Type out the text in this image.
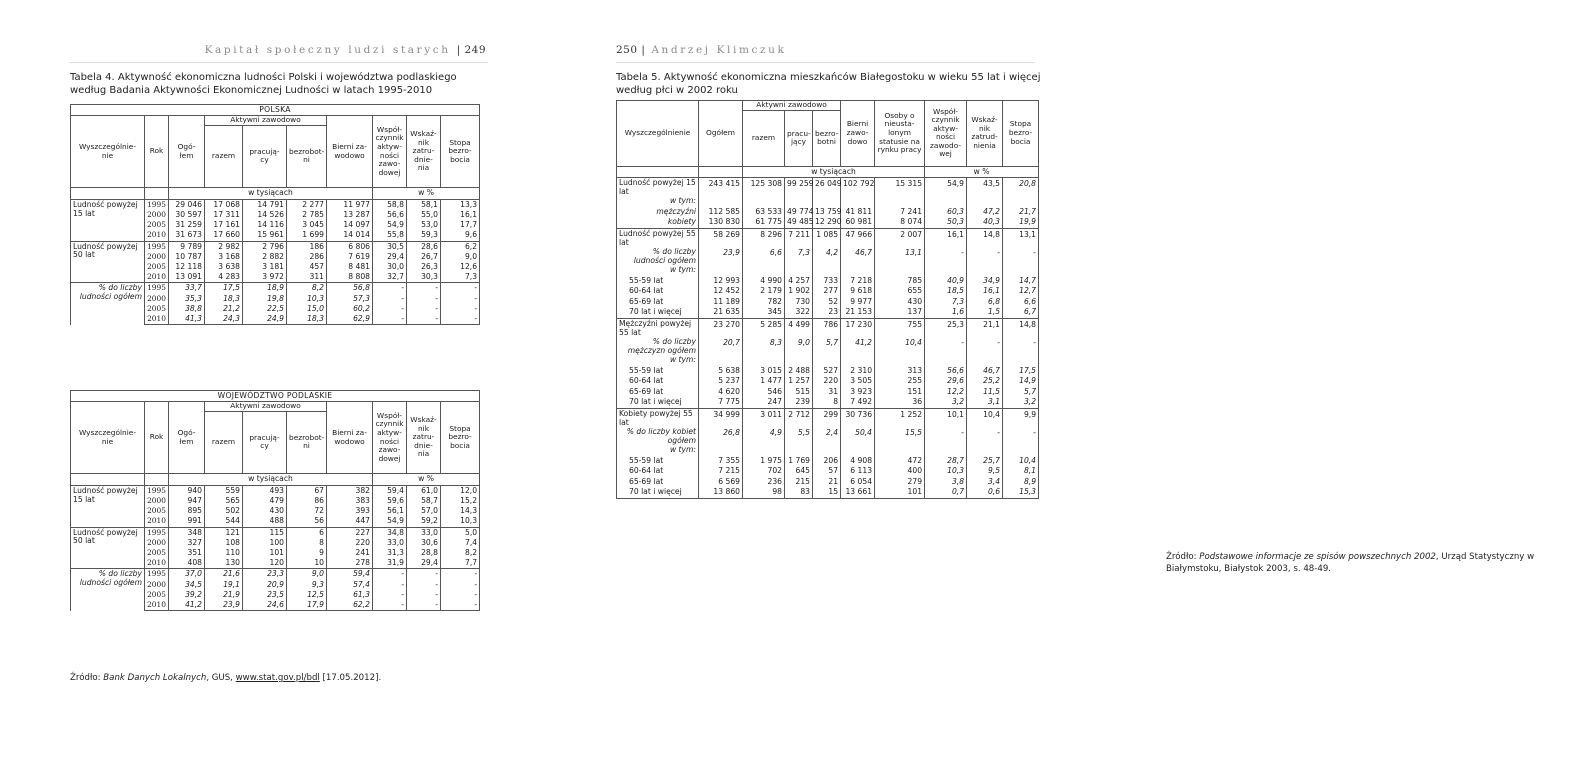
Kapitał społeczny ludzi starych | 249
Tabela 4. Aktywność ekonomiczna ludności Polski i województwa podlaskiego według Badania Aktywności Ekonomicznej Ludności w latach 1995-2010
POLSKA									
Wyszczególnie- nie	Rok	Ogó- łem	Aktywni zawodowo			Bierni za- wodowo	Współ- czynnik aktyw- ności zawo- dowej	Wskaź- nik zatru- dnie- nia	Stopa bezro- bocia
			razem	pracują- cy	bezrobot- ni				
		w tysiącach					w %		
Ludność powyżej 15 lat	1995	29 046	17 068	14 791	2 277	11 977	58,8	58,1	13,3
	2000	30 597	17 311	14 526	2 785	13 287	56,6	55,0	16,1
	2005	31 259	17 161	14 116	3 045	14 097	54,9	53,0	17,7
	2010	31 673	17 660	15 961	1 699	14 014	55,8	59,3	9,6
Ludność powyżej 50 lat	1995	9 789	2 982	2 796	186	6 806	30,5	28,6	6,2
	2000	10 787	3 168	2 882	286	7 619	29,4	26,7	9,0
	2005	12 118	3 638	3 181	457	8 481	30,0	26,3	12,6
	2010	13 091	4 283	3 972	311	8 808	32,7	30,3	7,3
% do liczby ludności ogółem	1995	33,7	17,5	18,9	8,2	56,8	-	-	-
	2000	35,3	18,3	19,8	10,3	57,3	-	-	-
	2005	38,8	21,2	22,5	15,0	60,2	-	-	-
	2010	41,3	24,3	24,9	18,3	62,9	-	-	-
WOJEWÓDZTWO PODLASKIE									
Wyszczególnie- nie	Rok	Ogó- łem	Aktywni zawodowo			Bierni za- wodowo	Współ- czynnik aktyw- ności zawo- dowej	Wskaź- nik zatru- dnie- nia	Stopa bezro- bocia
			razem	pracują- cy	bezrobot- ni				
		w tysiącach					w %		
Ludność powyżej 15 lat	1995	940	559	493	67	382	59,4	61,0	12,0
	2000	947	565	479	86	383	59,6	58,7	15,2
	2005	895	502	430	72	393	56,1	57,0	14,3
	2010	991	544	488	56	447	54,9	59,2	10,3
Ludność powyżej 50 lat	1995	348	121	115	6	227	34,8	33,0	5,0
	2000	327	108	100	8	220	33,0	30,6	7,4
	2005	351	110	101	9	241	31,3	28,8	8,2
	2010	408	130	120	10	278	31,9	29,4	7,7
% do liczby ludności ogółem	1995	37,0	21,6	23,3	9,0	59,4	-	-	-
	2000	34,5	19,1	20,9	9,3	57,4	-	-	-
	2005	39,2	21,9	23,5	12,5	61,3	-	-	-
	2010	41,2	23,9	24,6	17,9	62,2	-	-	-
Źródło: Bank Danych Lokalnych, GUS, www.stat.gov.pl/bdl [17.05.2012].
250 | Andrzej Klimczuk
Tabela 5. Aktywność ekonomiczna mieszkańców Białegostoku w wieku 55 lat i więcej według płci w 2002 roku
Źródło: Podstawowe informacje ze spisów powszechnych 2002, Urząd Statystyczny w Białymstoku, Białystok 2003, s. 48-49.
Wyszczególnienie	Ogółem	Aktywni zawodowo			Bierni zawo- dowo	Osoby o nieusta- lonym statusie na rynku pracy	Współ- czynnik aktyw- ności zawodo- wej	Wskaź- nik zatrud- nienia	Stopa bezro- bocia
		razem	pracu- jący	bezro- botni					
		w tysiącach					w %		
Ludność powyżej 15 lat	243 415	125 308	99 259	26 049	102 792	15 315	54,9	43,5	20,8
w tym:									
mężczyźni	112 585	63 533	49 774	13 759	41 811	7 241	60,3	47,2	21,7
kobiety	130 830	61 775	49 485	12 290	60 981	8 074	50,3	40,3	19,9
Ludność powyżej 55 lat	58 269	8 296	7 211	1 085	47 966	2 007	16,1	14,8	13,1
% do liczby ludności ogółem	23,9	6,6	7,3	4,2	46,7	13,1	-	-	-
w tym:									
55-59 lat	12 993	4 990	4 257	733	7 218	785	40,9	34,9	14,7
60-64 lat	12 452	2 179	1 902	277	9 618	655	18,5	16,1	12,7
65-69 lat	11 189	782	730	52	9 977	430	7,3	6,8	6,6
70 lat i więcej	21 635	345	322	23	21 153	137	1,6	1,5	6,7
Mężczyźni powyżej 55 lat	23 270	5 285	4 499	786	17 230	755	25,3	21,1	14,8
% do liczby mężczyzn ogółem	20,7	8,3	9,0	5,7	41,2	10,4	-	-	-
w tym:									
55-59 lat	5 638	3 015	2 488	527	2 310	313	56,6	46,7	17,5
60-64 lat	5 237	1 477	1 257	220	3 505	255	29,6	25,2	14,9
65-69 lat	4 620	546	515	31	3 923	151	12,2	11,5	5,7
70 lat i więcej	7 775	247	239	8	7 492	36	3,2	3,1	3,2
Kobiety powyżej 55 lat	34 999	3 011	2 712	299	30 736	1 252	10,1	10,4	9,9
% do liczby kobiet ogółem	26,8	4,9	5,5	2,4	50,4	15,5	-	-	-
w tym:									
55-59 lat	7 355	1 975	1 769	206	4 908	472	28,7	25,7	10,4
60-64 lat	7 215	702	645	57	6 113	400	10,3	9,5	8,1
65-69 lat	6 569	236	215	21	6 054	279	3,8	3,4	8,9
70 lat i więcej	13 860	98	83	15	13 661	101	0,7	0,6	15,3
